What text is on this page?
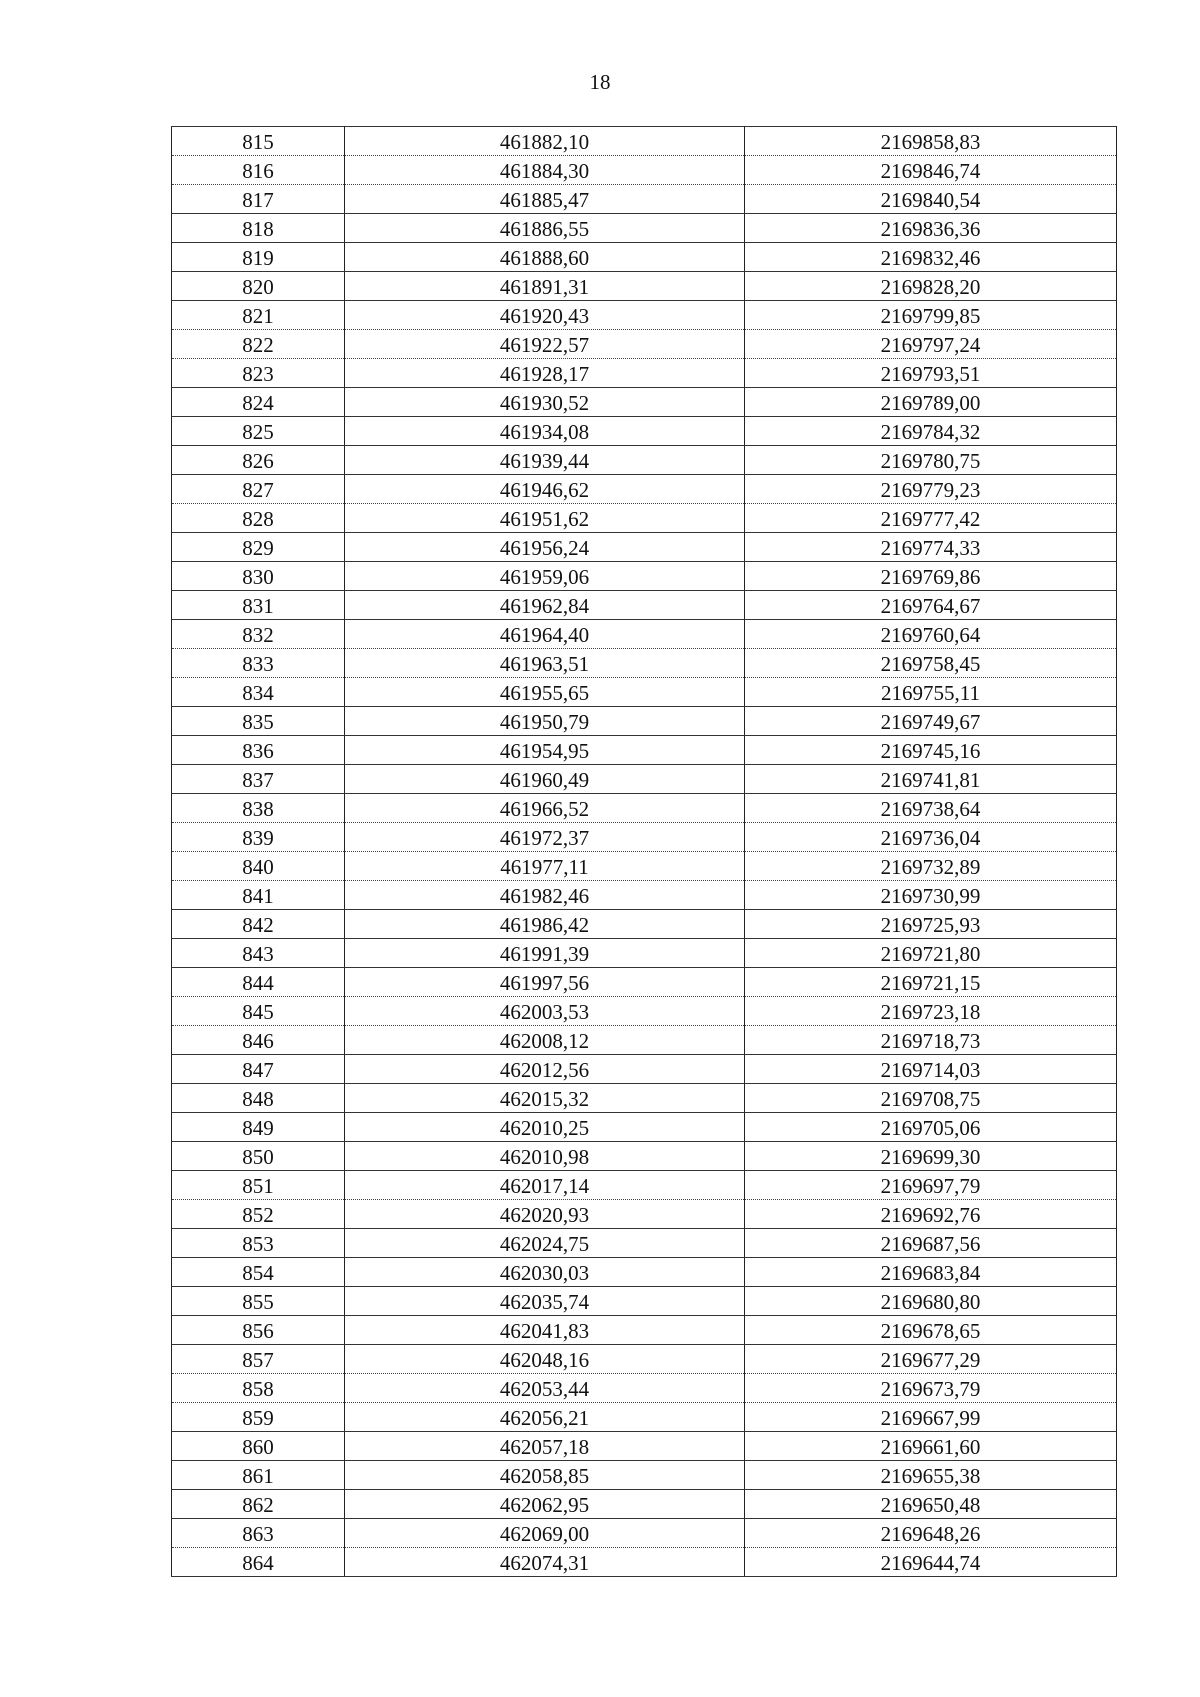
18
815	461882,10	2169858,83
816	461884,30	2169846,74
817	461885,47	2169840,54
818	461886,55	2169836,36
819	461888,60	2169832,46
820	461891,31	2169828,20
821	461920,43	2169799,85
822	461922,57	2169797,24
823	461928,17	2169793,51
824	461930,52	2169789,00
825	461934,08	2169784,32
826	461939,44	2169780,75
827	461946,62	2169779,23
828	461951,62	2169777,42
829	461956,24	2169774,33
830	461959,06	2169769,86
831	461962,84	2169764,67
832	461964,40	2169760,64
833	461963,51	2169758,45
834	461955,65	2169755,11
835	461950,79	2169749,67
836	461954,95	2169745,16
837	461960,49	2169741,81
838	461966,52	2169738,64
839	461972,37	2169736,04
840	461977,11	2169732,89
841	461982,46	2169730,99
842	461986,42	2169725,93
843	461991,39	2169721,80
844	461997,56	2169721,15
845	462003,53	2169723,18
846	462008,12	2169718,73
847	462012,56	2169714,03
848	462015,32	2169708,75
849	462010,25	2169705,06
850	462010,98	2169699,30
851	462017,14	2169697,79
852	462020,93	2169692,76
853	462024,75	2169687,56
854	462030,03	2169683,84
855	462035,74	2169680,80
856	462041,83	2169678,65
857	462048,16	2169677,29
858	462053,44	2169673,79
859	462056,21	2169667,99
860	462057,18	2169661,60
861	462058,85	2169655,38
862	462062,95	2169650,48
863	462069,00	2169648,26
864	462074,31	2169644,74
